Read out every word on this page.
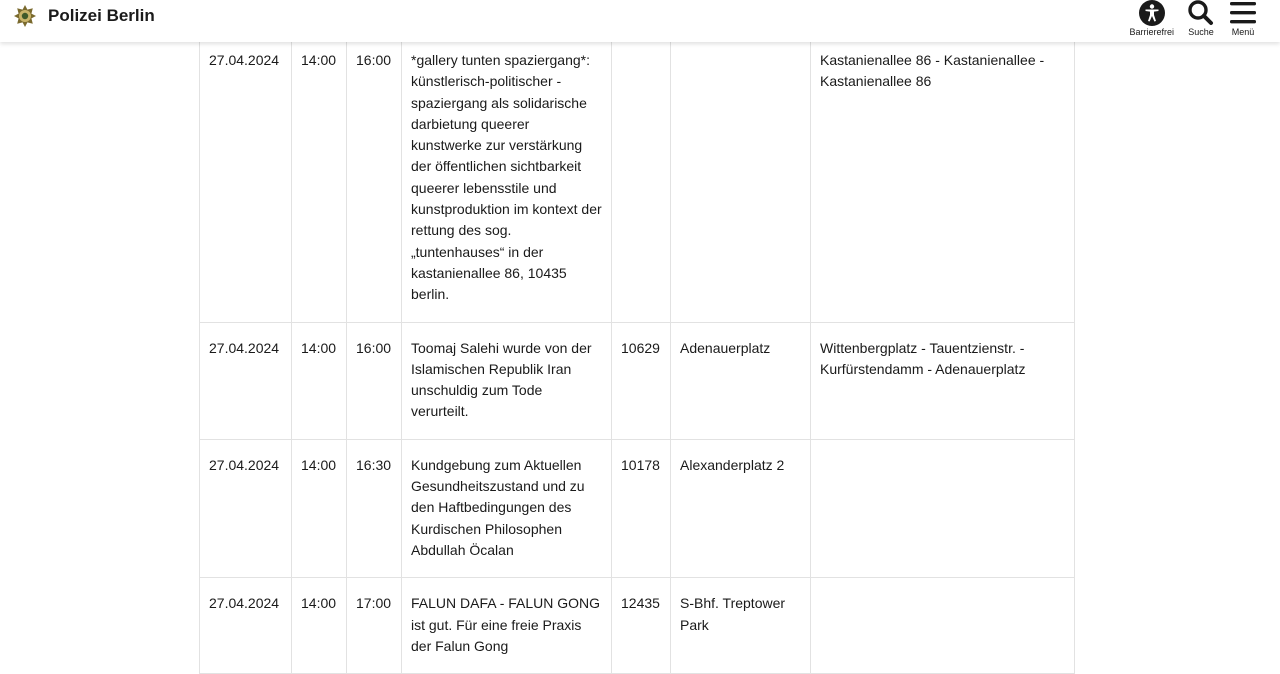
Polizei Berlin
Barrierefrei Suche Menü
27.04.2024	14:00	16:00	*gallery tunten spaziergang*: künstlerisch-politischer - spaziergang als solidarische darbietung queerer kunstwerke zur verstärkung der öffentlichen sichtbarkeit queerer lebensstile und kunstproduktion im kontext der rettung des sog. „tuntenhauses“ in der kastanienallee 86, 10435 berlin.			Kastanienallee 86 - Kastanienallee - Kastanienallee 86
27.04.2024	14:00	16:00	Toomaj Salehi wurde von der Islamischen Republik Iran unschuldig zum Tode verurteilt.	10629	Adenauerplatz	Wittenbergplatz - Tauentzienstr. - Kurfürstendamm - Adenauerplatz
27.04.2024	14:00	16:30	Kundgebung zum Aktuellen Gesundheitszustand und zu den Haftbedingungen des Kurdischen Philosophen Abdullah Öcalan	10178	Alexanderplatz 2	
27.04.2024	14:00	17:00	FALUN DAFA - FALUN GONG ist gut. Für eine freie Praxis der Falun Gong	12435	S-Bhf. Treptower Park	
